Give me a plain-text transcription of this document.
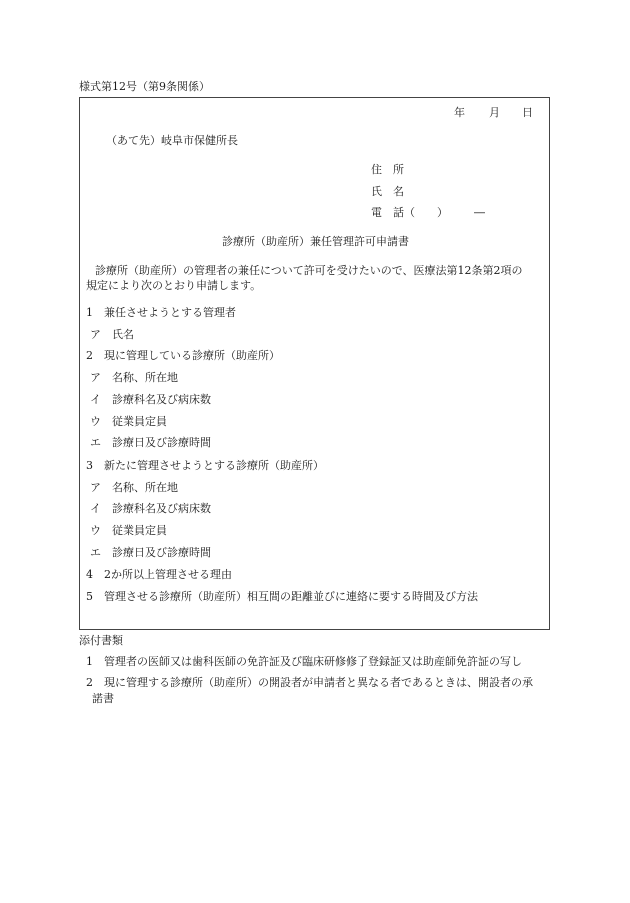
様式第12号（第9条関係）
年 月 日
（あて先）岐阜市保健所長
住　所
氏　名
電　話（　　） ―
診療所（助産所）兼任管理許可申請書
診療所（助産所）の管理者の兼任について許可を受けたいので、医療法第12条第2項の
規定により次のとおり申請します。
1　兼任させようとする管理者
ア　氏名
2　現に管理している診療所（助産所）
ア　名称、所在地
イ　診療科名及び病床数
ウ　従業員定員
エ　診療日及び診療時間
3　新たに管理させようとする診療所（助産所）
ア　名称、所在地
イ　診療科名及び病床数
ウ　従業員定員
エ　診療日及び診療時間
4　2か所以上管理させる理由
5　管理させる診療所（助産所）相互間の距離並びに連絡に要する時間及び方法
添付書類
1　管理者の医師又は歯科医師の免許証及び臨床研修修了登録証又は助産師免許証の写し
2　現に管理する診療所（助産所）の開設者が申請者と異なる者であるときは、開設者の承
諾書
